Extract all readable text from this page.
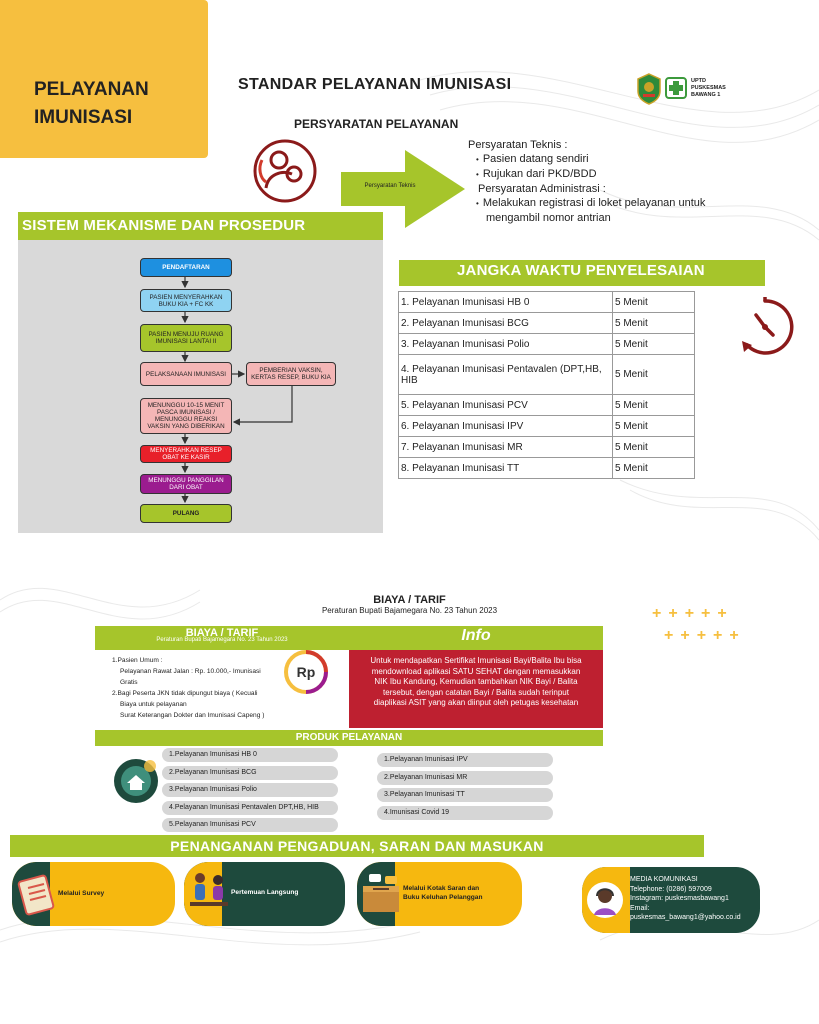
PELAYANAN
IMUNISASI
STANDAR PELAYANAN IMUNISASI	UPTD
PUSKESMAS
BAWANG 1
PERSYARATAN PELAYANAN
Persyaratan Teknis
Persyaratan Teknis :
• Pasien datang sendiri
• Rujukan dari PKD/BDD
Persyaratan Administrasi :
• Melakukan registrasi di loket pelayanan untuk
mengambil nomor antrian
SISTEM MEKANISME DAN PROSEDUR
PENDAFTARAN
PASIEN MENYERAHKAN BUKU KIA + FC KK
PASIEN MENUJU RUANG IMUNISASI LANTAI II
PELAKSANAAN IMUNISASI	PEMBERIAN VAKSIN, KERTAS RESEP, BUKU KIA
MENUNGGU 10-15 MENIT PASCA IMUNISASI / MENUNGGU REAKSI VAKSIN YANG DIBERIKAN
MENYERAHKAN RESEP OBAT KE KASIR
MENUNGGU PANGGILAN DARI OBAT
PULANG
JANGKA WAKTU PENYELESAIAN
1. Pelayanan Imunisasi HB 0	5 Menit
2. Pelayanan Imunisasi BCG	5 Menit
3. Pelayanan Imunisasi Polio	5 Menit
4. Pelayanan Imunisasi Pentavalen (DPT,HB, HIB	5 Menit
5. Pelayanan Imunisasi PCV	5 Menit
6. Pelayanan Imunisasi IPV	5 Menit
7. Pelayanan Imunisasi MR	5 Menit
8. Pelayanan Imunisasi TT	5 Menit
BIAYA / TARIF
Peraturan Bupati Bajamegara No. 23 Tahun 2023	+++++
+++++
BIAYA / TARIF
Peraturan Bupati Bajamegara No. 23 Tahun 2023
1.Pasien Umum :
Pelayanan Rawat Jalan : Rp. 10.000,- Imunisasi
Gratis
2.Bagi Peserta JKN tidak dipungut biaya ( Kecuali
Biaya untuk pelayanan
Surat Keterangan Dokter dan Imunisasi Capeng )
Rp
Info
Untuk mendapatkan Sertifikat Imunisasi Bayi/Balita Ibu bisa mendownload aplikasi SATU SEHAT dengan memasukkan NIK Ibu Kandung, Kemudian tambahkan NIK Bayi / Balita tersebut, dengan catatan Bayi / Balita sudah terinput diaplikasi ASIT yang akan diinput oleh petugas kesehatan
PRODUK PELAYANAN
1.Pelayanan Imunisasi HB 0
2.Pelayanan Imunisasi BCG
3.Pelayanan Imunisasi Polio
4.Pelayanan Imunisasi Pentavalen DPT,HB, HIB
5.Pelayanan Imunisasi PCV
1.Pelayanan Imunisasi IPV
2.Pelayanan Imunisasi MR
3.Pelayanan Imunisasi TT
4.Imunisasi Covid 19
PENANGANAN PENGADUAN, SARAN DAN MASUKAN
Melalui Survey	Pertemuan Langsung
Melalui Kotak Saran dan
Buku Keluhan Pelanggan
MEDIA KOMUNIKASI
Telephone: (0286) 597009
Instagram: puskesmasbawang1
Email:
puskesmas_bawang1@yahoo.co.id
